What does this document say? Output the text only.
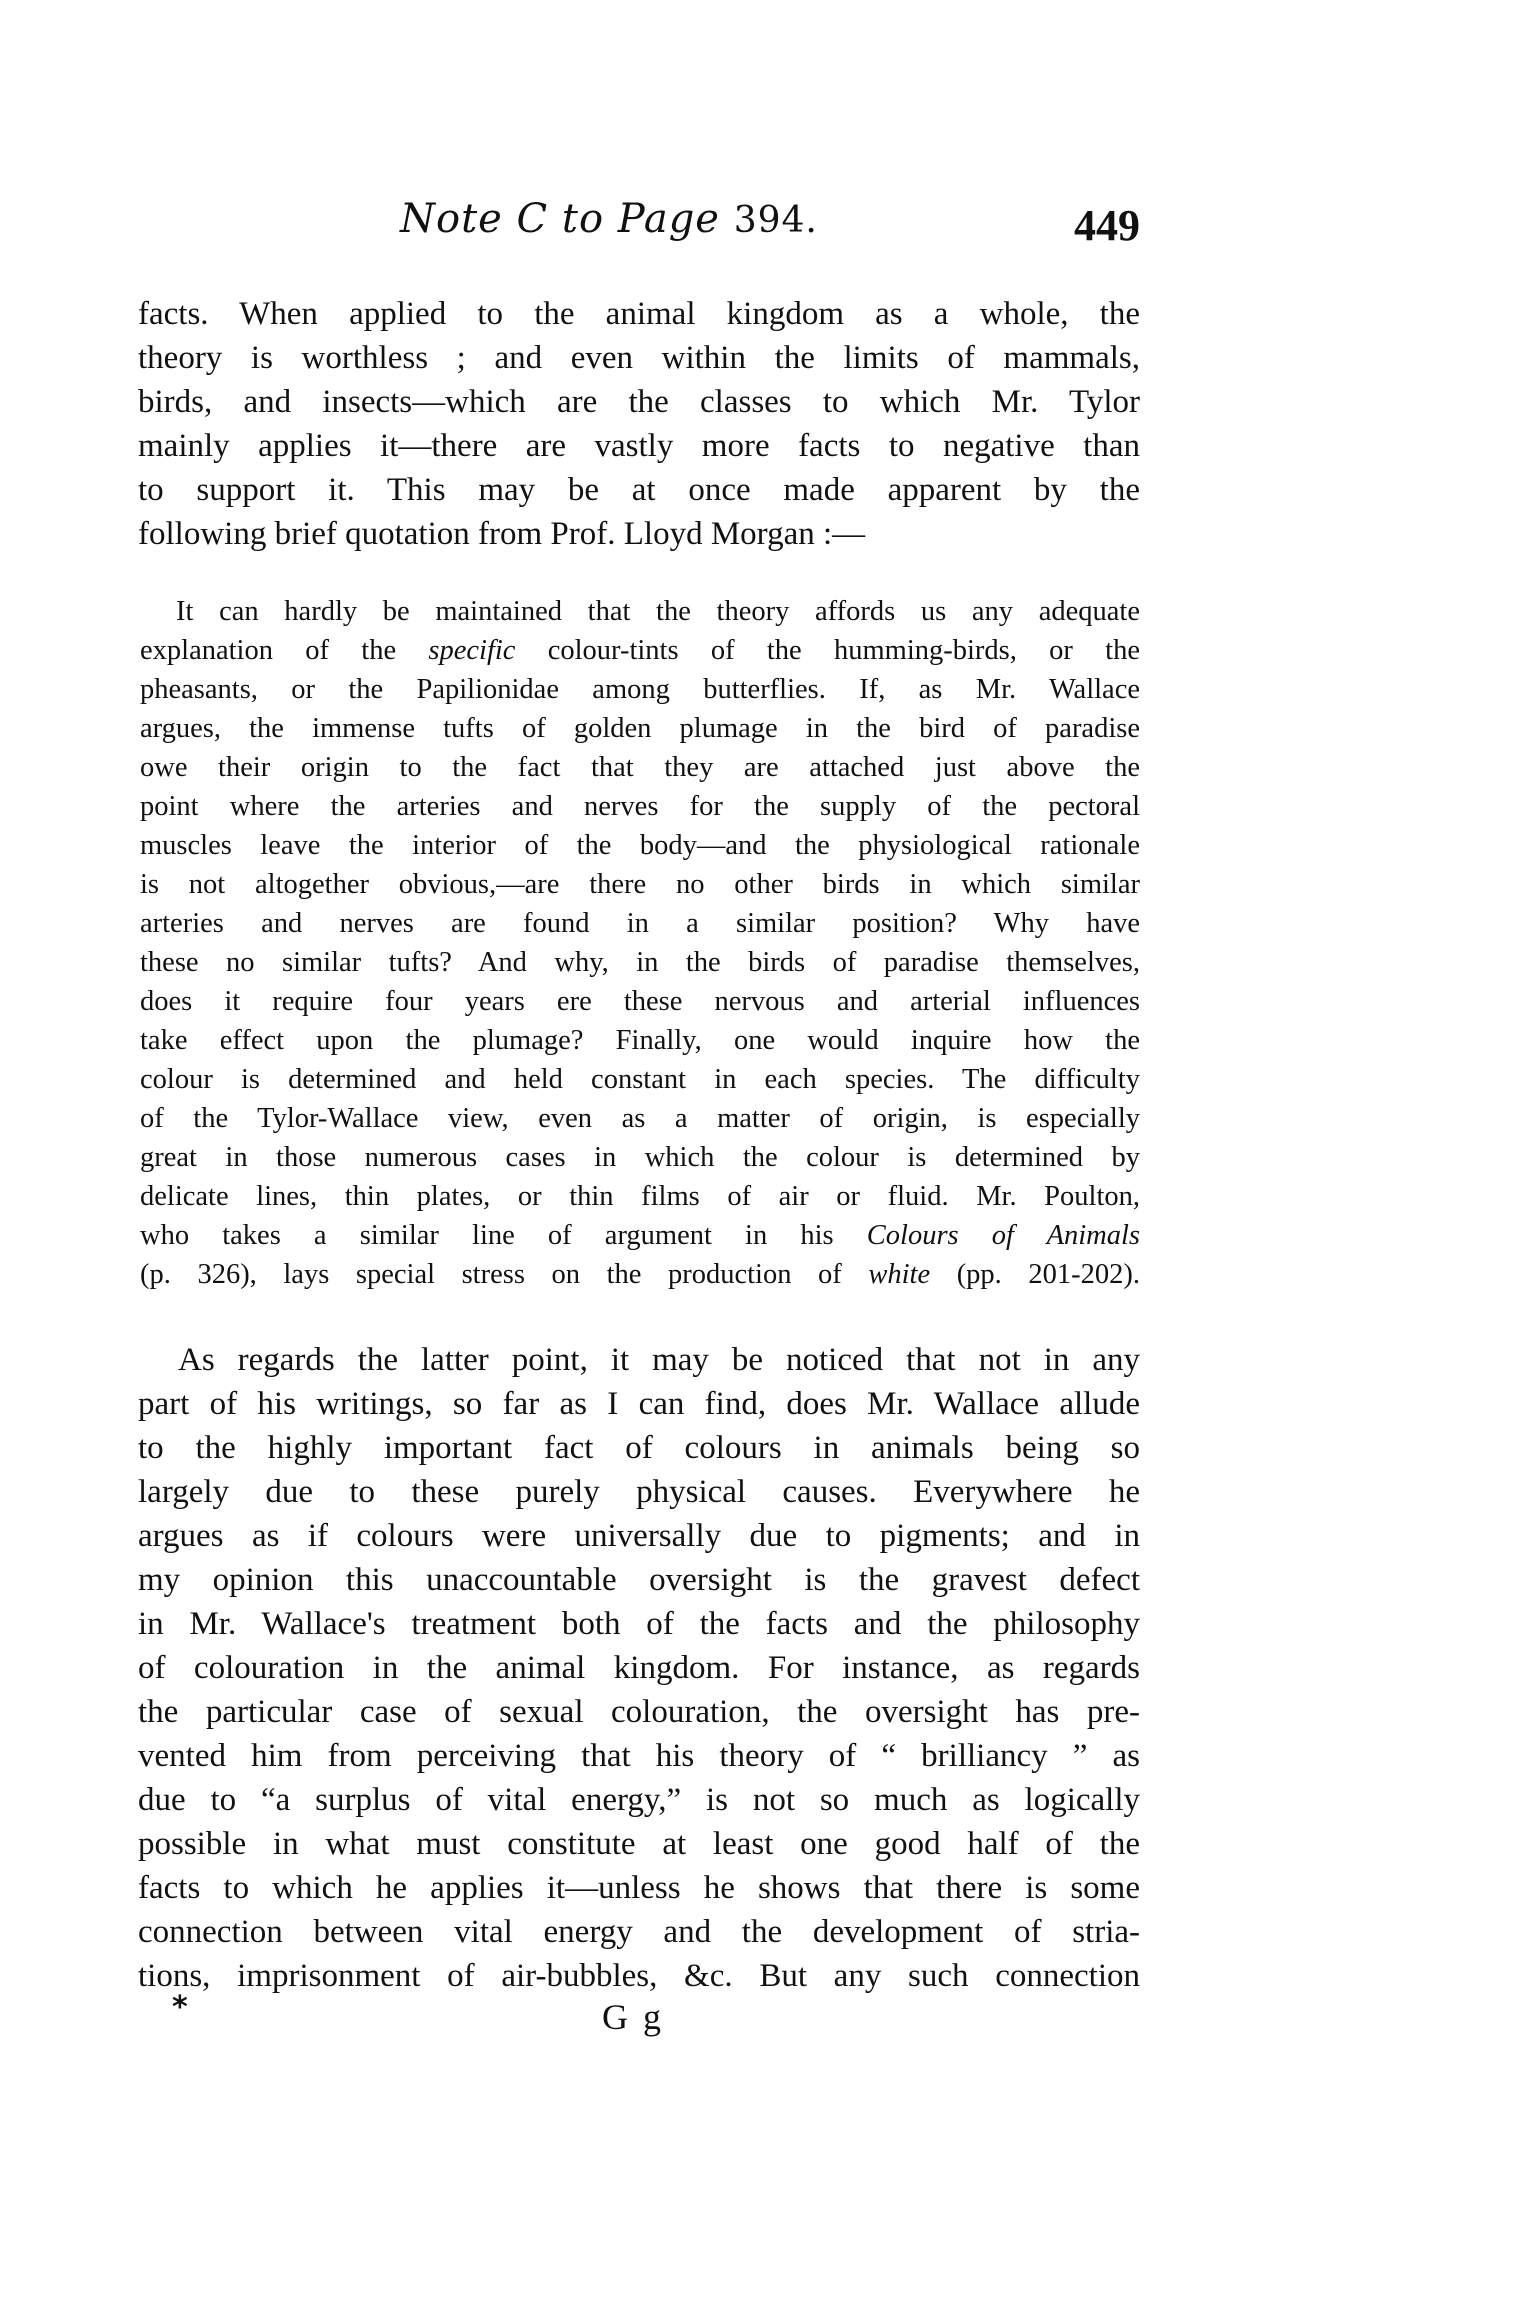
Note C to Page 394.	449
facts. When applied to the animal kingdom as a whole, the
theory is worthless ; and even within the limits of mammals,
birds, and insects—which are the classes to which Mr. Tylor
mainly applies it—there are vastly more facts to negative than
to support it. This may be at once made apparent by the
following brief quotation from Prof. Lloyd Morgan :—
It can hardly be maintained that the theory affords us any adequate
explanation of the specific colour-tints of the humming-birds, or the
pheasants, or the Papilionidae among butterflies. If, as Mr. Wallace
argues, the immense tufts of golden plumage in the bird of paradise
owe their origin to the fact that they are attached just above the
point where the arteries and nerves for the supply of the pectoral
muscles leave the interior of the body—and the physiological rationale
is not altogether obvious,—are there no other birds in which similar
arteries and nerves are found in a similar position? Why have
these no similar tufts? And why, in the birds of paradise themselves,
does it require four years ere these nervous and arterial influences
take effect upon the plumage? Finally, one would inquire how the
colour is determined and held constant in each species. The difficulty
of the Tylor-Wallace view, even as a matter of origin, is especially
great in those numerous cases in which the colour is determined by
delicate lines, thin plates, or thin films of air or fluid. Mr. Poulton,
who takes a similar line of argument in his Colours of Animals
(p. 326), lays special stress on the production of white (pp. 201-202).
As regards the latter point, it may be noticed that not in any
part of his writings, so far as I can find, does Mr. Wallace allude
to the highly important fact of colours in animals being so
largely due to these purely physical causes. Everywhere he
argues as if colours were universally due to pigments; and in
my opinion this unaccountable oversight is the gravest defect
in Mr. Wallace's treatment both of the facts and the philosophy
of colouration in the animal kingdom. For instance, as regards
the particular case of sexual colouration, the oversight has pre-
vented him from perceiving that his theory of “ brilliancy ” as
due to “a surplus of vital energy,” is not so much as logically
possible in what must constitute at least one good half of the
facts to which he applies it—unless he shows that there is some
connection between vital energy and the development of stria-
tions, imprisonment of air-bubbles, &c. But any such connection
*	G g
